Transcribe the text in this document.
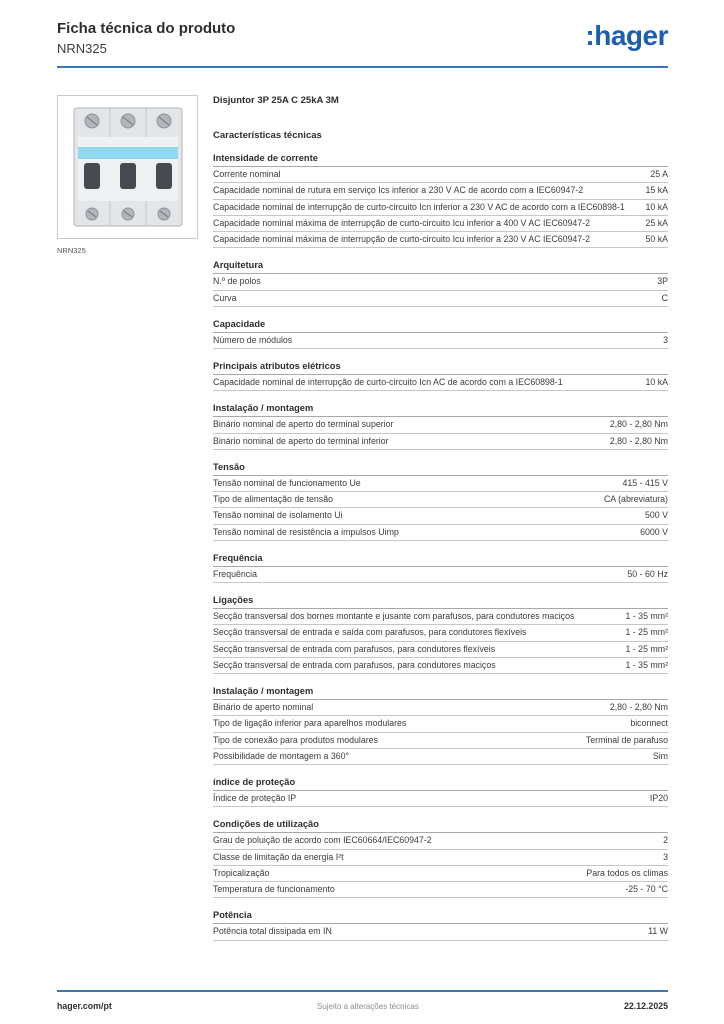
Ficha técnica do produto
NRN325	:hager
NRN325
Disjuntor 3P 25A C 25kA 3M
Características técnicas
Intensidade de corrente
Corrente nominal	25 A
Capacidade nominal de rutura em serviço Ics inferior a 230 V AC de acordo com a IEC60947-2	15 kA
Capacidade nominal de interrupção de curto-circuito Icn inferior a 230 V AC de acordo com a IEC60898-1	10 kA
Capacidade nominal máxima de interrupção de curto-circuito Icu inferior a 400 V AC IEC60947-2	25 kA
Capacidade nominal máxima de interrupção de curto-circuito Icu inferior a 230 V AC IEC60947-2	50 kA
Arquitetura
N.º de polos	3P
Curva	C
Capacidade
Número de módulos	3
Principais atributos elétricos
Capacidade nominal de interrupção de curto-circuito Icn AC de acordo com a IEC60898-1	10 kA
Instalação / montagem
Binário nominal de aperto do terminal superior	2,80 - 2,80 Nm
Binário nominal de aperto do terminal inferior	2,80 - 2,80 Nm
Tensão
Tensão nominal de funcionamento Ue	415 - 415 V
Tipo de alimentação de tensão	CA (abreviatura)
Tensão nominal de isolamento Ui	500 V
Tensão nominal de resistência a impulsos Uimp	6000 V
Frequência
Frequência	50 - 60 Hz
Ligações
Secção transversal dos bornes montante e jusante com parafusos, para condutores maciços	1 - 35 mm²
Secção transversal de entrada e saída com parafusos, para condutores flexíveis	1 - 25 mm²
Secção transversal de entrada com parafusos, para condutores flexíveis	1 - 25 mm²
Secção transversal de entrada com parafusos, para condutores maciços	1 - 35 mm²
Instalação / montagem
Binário de aperto nominal	2,80 - 2,80 Nm
Tipo de ligação inferior para aparelhos modulares	biconnect
Tipo de conexão para produtos modulares	Terminal de parafuso
Possibilidade de montagem a 360°	Sim
índice de proteção
Índice de proteção IP	IP20
Condições de utilização
Grau de poluição de acordo com IEC60664/IEC60947-2	2
Classe de limitação da energia I²t	3
Tropicalização	Para todos os climas
Temperatura de funcionamento	-25 - 70 °C
Potência
Potência total dissipada em IN	11 W
hager.com/pt	Sujeito a alterações técnicas	22.12.2025
